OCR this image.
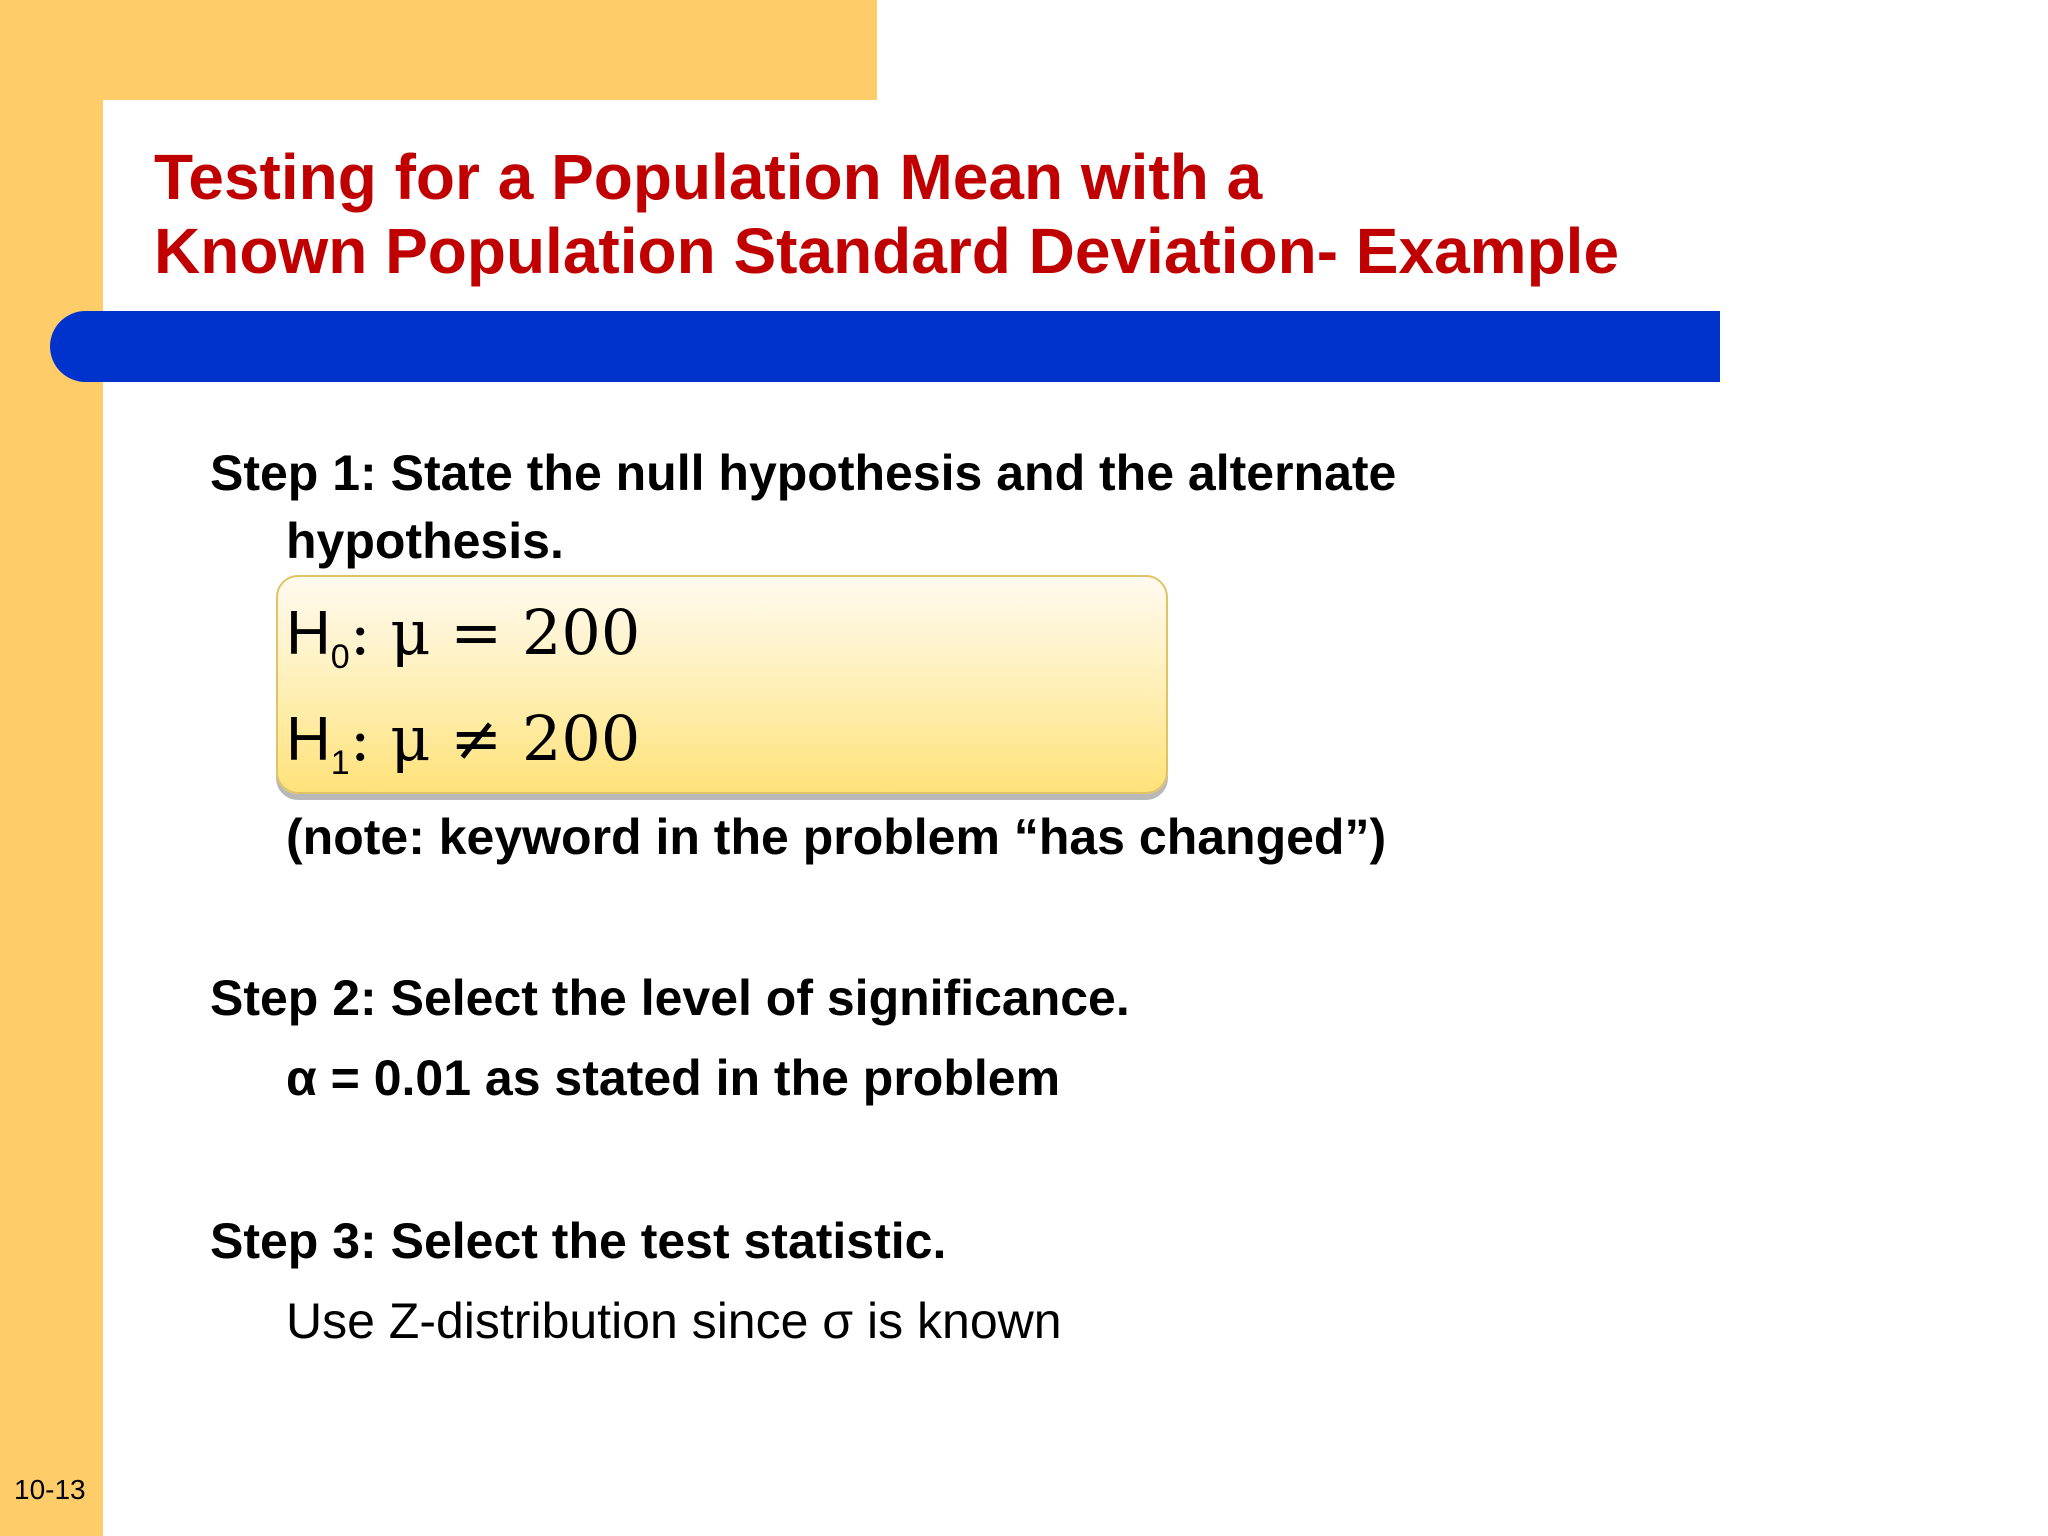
Testing for a Population Mean with a
Known Population Standard Deviation- Example
Step 1: State the null hypothesis and the alternate
hypothesis.
$H_0$: μ = 200
$H_1$: μ ≠ 200
(note: keyword in the problem “has changed”)
Step 2: Select the level of significance.
α = 0.01 as stated in the problem
Step 3: Select the test statistic.
Use Z-distribution since σ is known
10-13
